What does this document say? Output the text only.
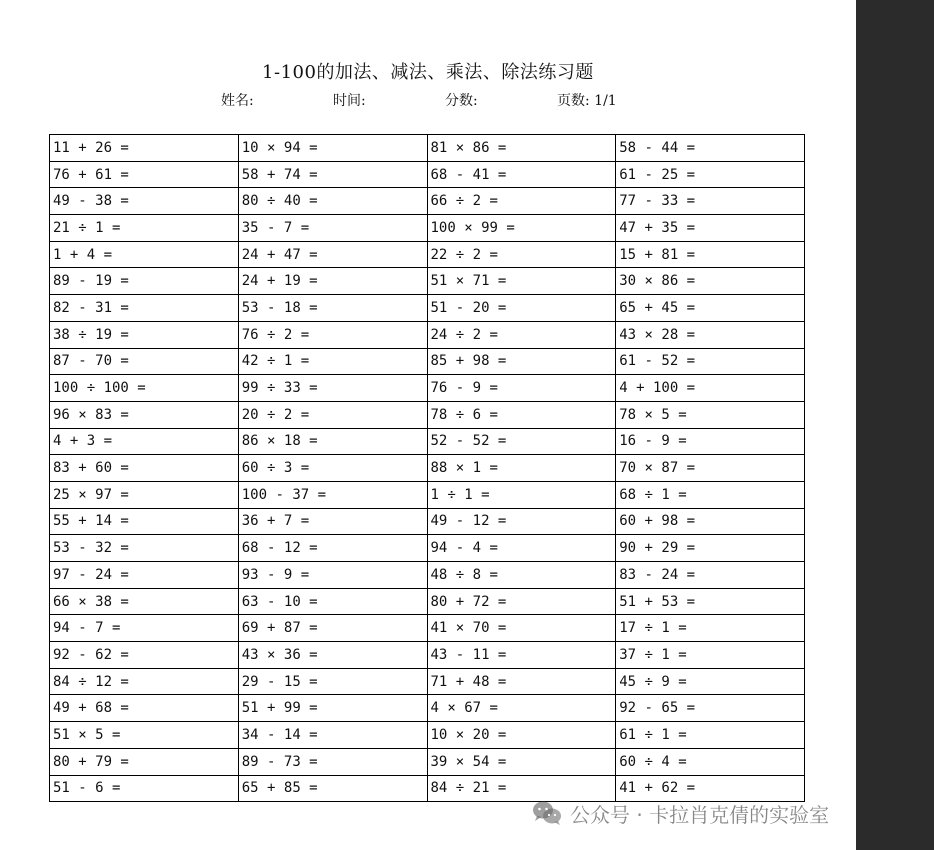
1-100的加法、减法、乘法、除法练习题
姓名:	时间:	分数:	页数: 1/1
11 + 26 =	10 × 94 =	81 × 86 =	58 - 44 =
76 + 61 =	58 + 74 =	68 - 41 =	61 - 25 =
49 - 38 =	80 ÷ 40 =	66 ÷ 2 =	77 - 33 =
21 ÷ 1 =	35 - 7 =	100 × 99 =	47 + 35 =
1 + 4 =	24 + 47 =	22 ÷ 2 =	15 + 81 =
89 - 19 =	24 + 19 =	51 × 71 =	30 × 86 =
82 - 31 =	53 - 18 =	51 - 20 =	65 + 45 =
38 ÷ 19 =	76 ÷ 2 =	24 ÷ 2 =	43 × 28 =
87 - 70 =	42 ÷ 1 =	85 + 98 =	61 - 52 =
100 ÷ 100 =	99 ÷ 33 =	76 - 9 =	4 + 100 =
96 × 83 =	20 ÷ 2 =	78 ÷ 6 =	78 × 5 =
4 + 3 =	86 × 18 =	52 - 52 =	16 - 9 =
83 + 60 =	60 ÷ 3 =	88 × 1 =	70 × 87 =
25 × 97 =	100 - 37 =	1 ÷ 1 =	68 ÷ 1 =
55 + 14 =	36 + 7 =	49 - 12 =	60 + 98 =
53 - 32 =	68 - 12 =	94 - 4 =	90 + 29 =
97 - 24 =	93 - 9 =	48 ÷ 8 =	83 - 24 =
66 × 38 =	63 - 10 =	80 + 72 =	51 + 53 =
94 - 7 =	69 + 87 =	41 × 70 =	17 ÷ 1 =
92 - 62 =	43 × 36 =	43 - 11 =	37 ÷ 1 =
84 ÷ 12 =	29 - 15 =	71 + 48 =	45 ÷ 9 =
49 + 68 =	51 + 99 =	4 × 67 =	92 - 65 =
51 × 5 =	34 - 14 =	10 × 20 =	61 ÷ 1 =
80 + 79 =	89 - 73 =	39 × 54 =	60 ÷ 4 =
51 - 6 =	65 + 85 =	84 ÷ 21 =	41 + 62 =
公众号 · 卡拉肖克倩的实验室
